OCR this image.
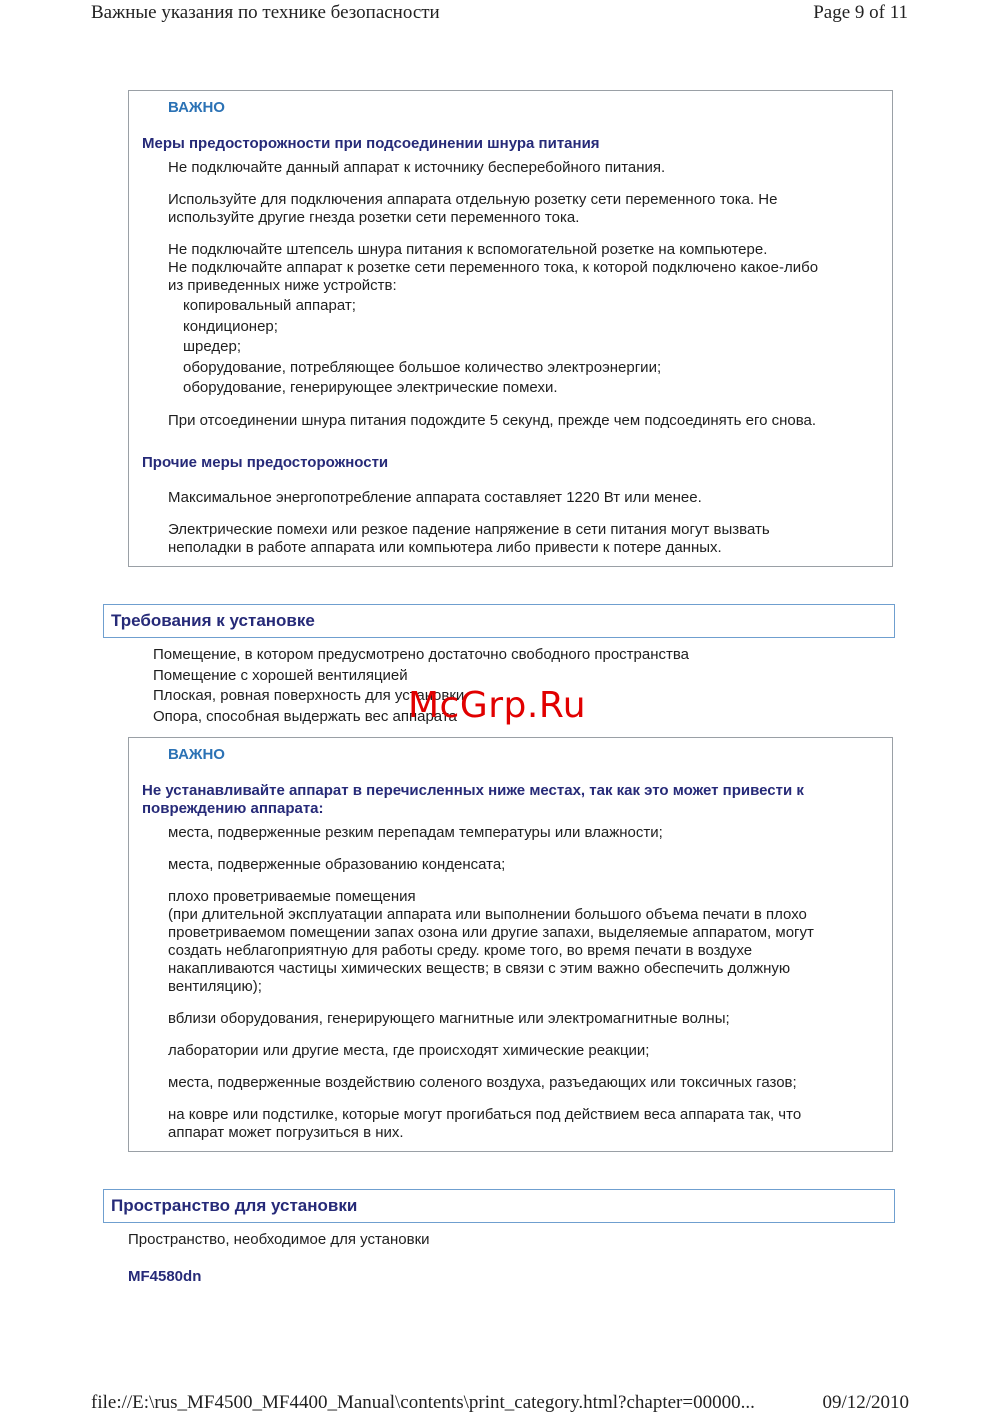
Важные указания по технике безопасности	Page 9 of 11
ВАЖНО
Меры предосторожности при подсоединении шнура питания
Не подключайте данный аппарат к источнику бесперебойного питания.
Используйте для подключения аппарата отдельную розетку сети переменного тока. Не
используйте другие гнезда розетки сети переменного тока.
Не подключайте штепсель шнура питания к вспомогательной розетке на компьютере.
Не подключайте аппарат к розетке сети переменного тока, к которой подключено какое-либо
из приведенных ниже устройств:
копировальный аппарат;
кондиционер;
шредер;
оборудование, потребляющее большое количество электроэнергии;
оборудование, генерирующее электрические помехи.
При отсоединении шнура питания подождите 5 секунд, прежде чем подсоединять его снова.
Прочие меры предосторожности
Максимальное энергопотребление аппарата составляет 1220 Вт или менее.
Электрические помехи или резкое падение напряжение в сети питания могут вызвать
неполадки в работе аппарата или компьютера либо привести к потере данных.
Требования к установке
Помещение, в котором предусмотрено достаточно свободного пространства
Помещение с хорошей вентиляцией
Плоская, ровная поверхность для установки
Опора, способная выдержать вес аппарата
ВАЖНО
Не устанавливайте аппарат в перечисленных ниже местах, так как это может привести к
повреждению аппарата:
места, подверженные резким перепадам температуры или влажности;
места, подверженные образованию конденсата;
плохо проветриваемые помещения
(при длительной эксплуатации аппарата или выполнении большого объема печати в плохо
проветриваемом помещении запах озона или другие запахи, выделяемые аппаратом, могут
создать неблагоприятную для работы среду. кроме того, во время печати в воздухе
накапливаются частицы химических веществ; в связи с этим важно обеспечить должную
вентиляцию);
вблизи оборудования, генерирующего магнитные или электромагнитные волны;
лаборатории или другие места, где происходят химические реакции;
места, подверженные воздействию соленого воздуха, разъедающих или токсичных газов;
на ковре или подстилке, которые могут прогибаться под действием веса аппарата так, что
аппарат может погрузиться в них.
Пространство для установки
Пространство, необходимое для установки
MF4580dn
McGrp.Ru
file://E:\rus_MF4500_MF4400_Manual\contents\print_category.html?chapter=00000...	09/12/2010
